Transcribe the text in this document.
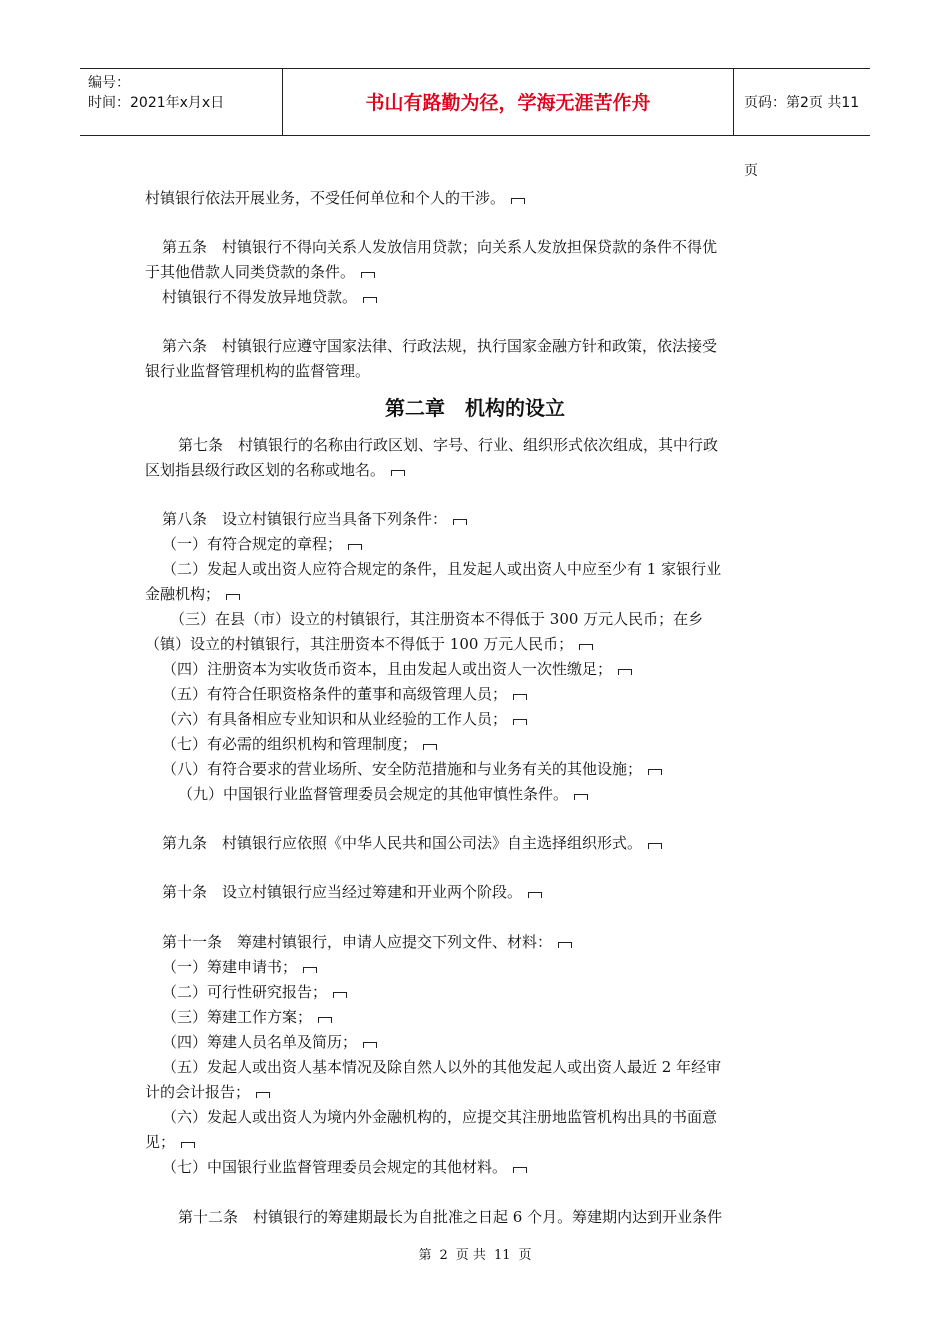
编号：
时间：2021年x月x日	书山有路勤为径，学海无涯苦作舟	页码：第2页 共11页
村镇银行依法开展业务，不受任何单位和个人的干涉。
第五条　村镇银行不得向关系人发放信用贷款；向关系人发放担保贷款的条件不得优
于其他借款人同类贷款的条件。
村镇银行不得发放异地贷款。
第六条　村镇银行应遵守国家法律、行政法规，执行国家金融方针和政策，依法接受
银行业监督管理机构的监督管理。
第二章　机构的设立
第七条　村镇银行的名称由行政区划、字号、行业、组织形式依次组成，其中行政
区划指县级行政区划的名称或地名。
第八条　设立村镇银行应当具备下列条件：
（一）有符合规定的章程；
（二）发起人或出资人应符合规定的条件，且发起人或出资人中应至少有 1 家银行业
金融机构；
（三）在县（市）设立的村镇银行，其注册资本不得低于 300 万元人民币；在乡
（镇）设立的村镇银行，其注册资本不得低于 100 万元人民币；
（四）注册资本为实收货币资本，且由发起人或出资人一次性缴足；
（五）有符合任职资格条件的董事和高级管理人员；
（六）有具备相应专业知识和从业经验的工作人员；
（七）有必需的组织机构和管理制度；
（八）有符合要求的营业场所、安全防范措施和与业务有关的其他设施；
（九）中国银行业监督管理委员会规定的其他审慎性条件。
第九条　村镇银行应依照《中华人民共和国公司法》自主选择组织形式。
第十条　设立村镇银行应当经过筹建和开业两个阶段。
第十一条　筹建村镇银行，申请人应提交下列文件、材料：
（一）筹建申请书；
（二）可行性研究报告；
（三）筹建工作方案；
（四）筹建人员名单及简历；
（五）发起人或出资人基本情况及除自然人以外的其他发起人或出资人最近 2 年经审
计的会计报告；
（六）发起人或出资人为境内外金融机构的，应提交其注册地监管机构出具的书面意
见；
（七）中国银行业监督管理委员会规定的其他材料。
第十二条　村镇银行的筹建期最长为自批准之日起 6 个月。筹建期内达到开业条件
第 2 页 共 11 页
